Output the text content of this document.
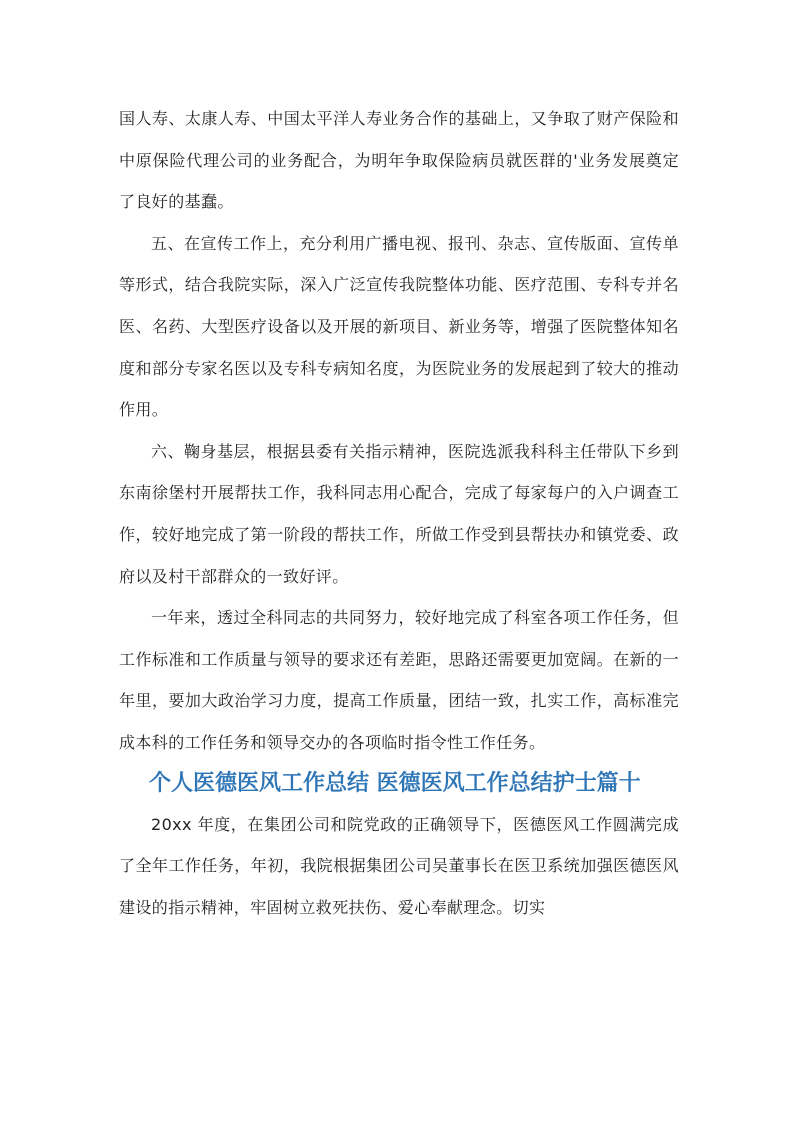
国人寿、太康人寿、中国太平洋人寿业务合作的基础上，又争取了财产保险和中原保险代理公司的业务配合，为明年争取保险病员就医群的'业务发展奠定了良好的基蠢。

五、在宣传工作上，充分利用广播电视、报刊、杂志、宣传版面、宣传单等形式，结合我院实际，深入广泛宣传我院整体功能、医疗范围、专科专并名医、名药、大型医疗设备以及开展的新项目、新业务等，增强了医院整体知名度和部分专家名医以及专科专病知名度，为医院业务的发展起到了较大的推动作用。

六、鞠身基层，根据县委有关指示精神，医院选派我科科主任带队下乡到东南徐堡村开展帮扶工作，我科同志用心配合，完成了每家每户的入户调查工作，较好地完成了第一阶段的帮扶工作，所做工作受到县帮扶办和镇党委、政府以及村干部群众的一致好评。

一年来，透过全科同志的共同努力，较好地完成了科室各项工作任务，但工作标准和工作质量与领导的要求还有差距，思路还需要更加宽阔。在新的一年里，要加大政治学习力度，提高工作质量，团结一致，扎实工作，高标准完成本科的工作任务和领导交办的各项临时指令性工作任务。

个人医德医风工作总结 医德医风工作总结护士篇十

20xx 年度，在集团公司和院党政的正确领导下，医德医风工作圆满完成了全年工作任务，年初，我院根据集团公司吴董事长在医卫系统加强医德医风建设的指示精神，牢固树立救死扶伤、爱心奉献理念。切实
